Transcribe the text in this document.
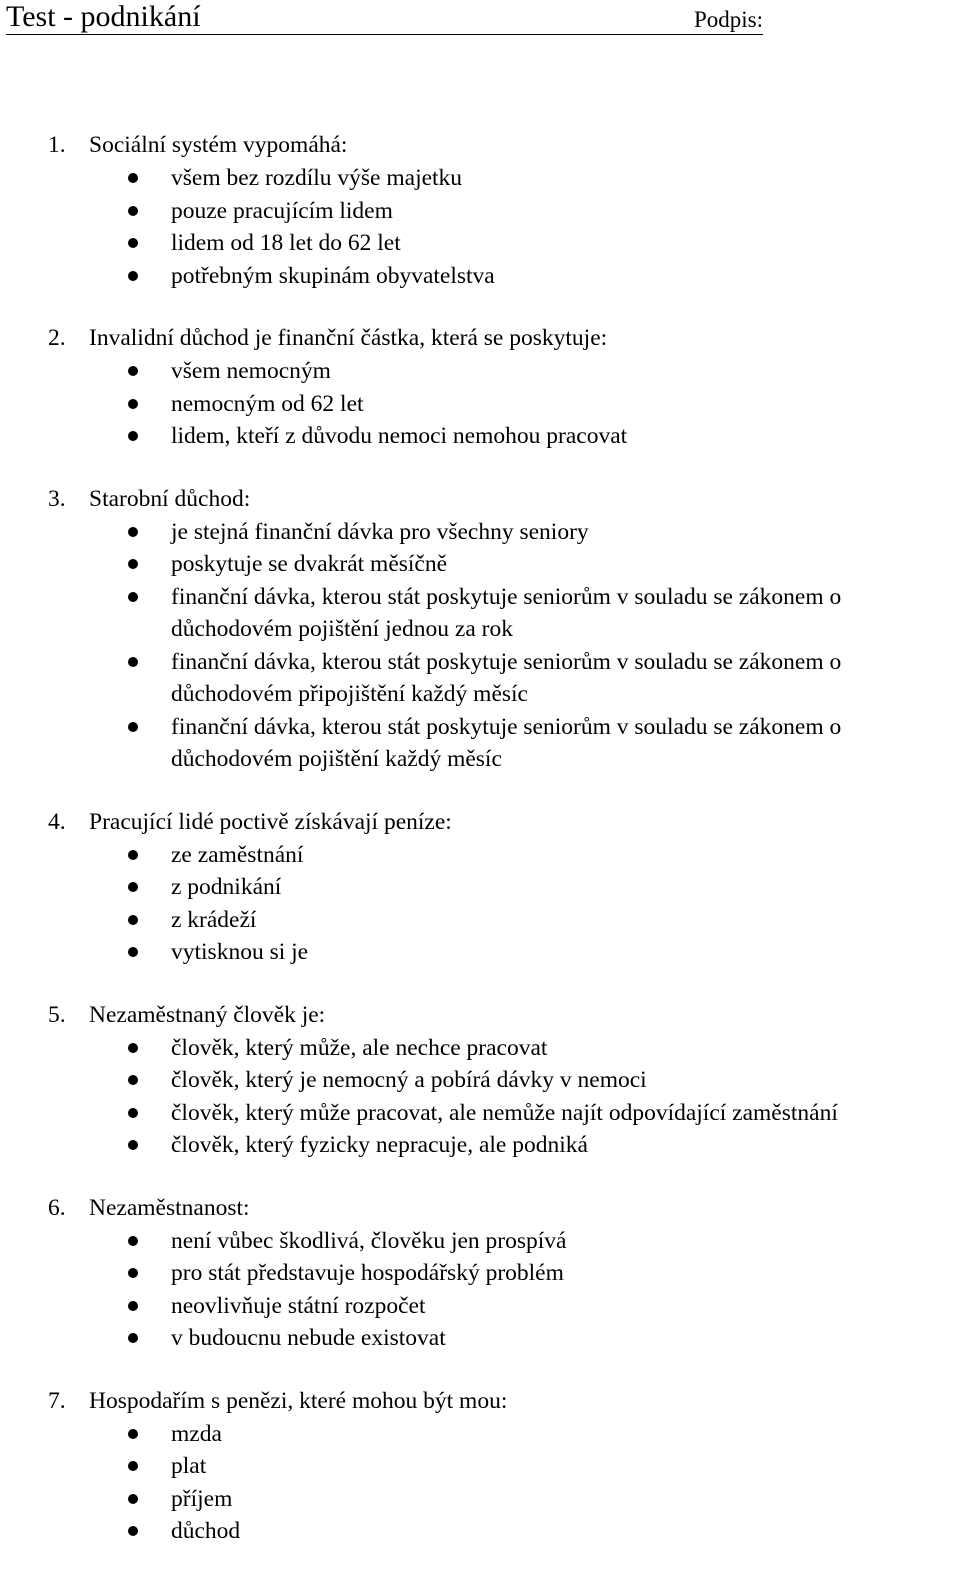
Test - podnikání	Podpis:
1. Sociální systém vypomáhá:
všem bez rozdílu výše majetku
pouze pracujícím lidem
lidem od 18 let do 62 let
potřebným skupinám obyvatelstva
2. Invalidní důchod je finanční částka, která se poskytuje:
všem nemocným
nemocným od 62 let
lidem, kteří z důvodu nemoci nemohou pracovat
3. Starobní důchod:
je stejná finanční dávka pro všechny seniory
poskytuje se dvakrát měsíčně
finanční dávka, kterou stát poskytuje seniorům v souladu se zákonem o důchodovém pojištění jednou za rok
finanční dávka, kterou stát poskytuje seniorům v souladu se zákonem o důchodovém připojištění každý měsíc
finanční dávka, kterou stát poskytuje seniorům v souladu se zákonem o důchodovém pojištění každý měsíc
4. Pracující lidé poctivě získávají peníze:
ze zaměstnání
z podnikání
z krádeží
vytisknou si je
5. Nezaměstnaný člověk je:
člověk, který může, ale nechce pracovat
člověk, který je nemocný a pobírá dávky v nemoci
člověk, který může pracovat, ale nemůže najít odpovídající zaměstnání
člověk, který fyzicky nepracuje, ale podniká
6. Nezaměstnanost:
není vůbec škodlivá, člověku jen prospívá
pro stát představuje hospodářský problém
neovlivňuje státní rozpočet
v budoucnu nebude existovat
7. Hospodařím s penězi, které mohou být mou:
mzda
plat
příjem
důchod
